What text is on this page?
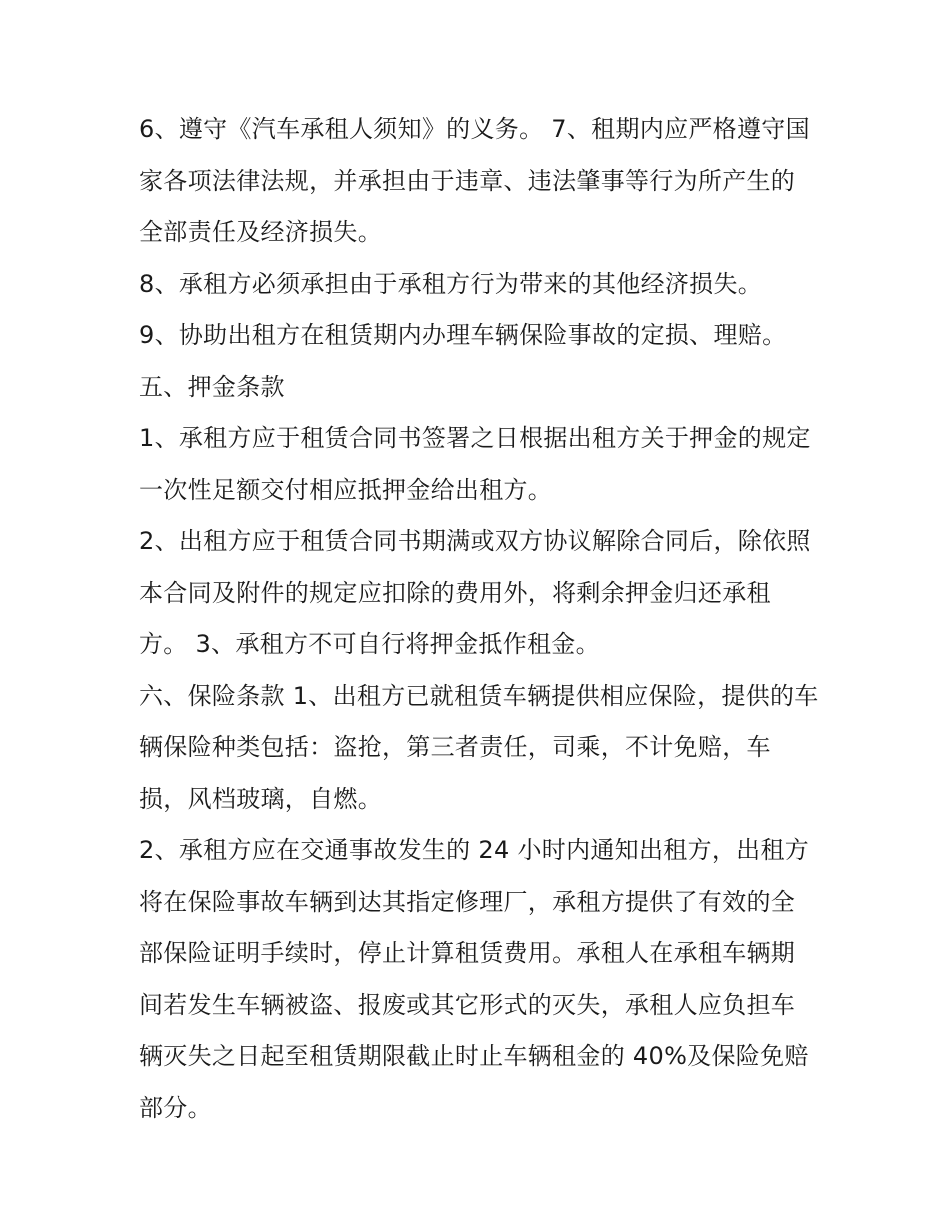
6、遵守《汽车承租人须知》的义务。 7、租期内应严格遵守国家各项法律法规，并承担由于违章、违法肇事等行为所产生的全部责任及经济损失。

8、承租方必须承担由于承租方行为带来的其他经济损失。

9、协助出租方在租赁期内办理车辆保险事故的定损、理赔。

五、押金条款

1、承租方应于租赁合同书签署之日根据出租方关于押金的规定一次性足额交付相应抵押金给出租方。

2、出租方应于租赁合同书期满或双方协议解除合同后，除依照本合同及附件的规定应扣除的费用外，将剩余押金归还承租方。 3、承租方不可自行将押金抵作租金。

六、保险条款 1、出租方已就租赁车辆提供相应保险，提供的车辆保险种类包括：盗抢，第三者责任，司乘，不计免赔，车损，风档玻璃，自燃。

2、承租方应在交通事故发生的 24 小时内通知出租方，出租方将在保险事故车辆到达其指定修理厂，承租方提供了有效的全部保险证明手续时，停止计算租赁费用。承租人在承租车辆期间若发生车辆被盗、报废或其它形式的灭失，承租人应负担车辆灭失之日起至租赁期限截止时止车辆租金的 40%及保险免赔部分。
